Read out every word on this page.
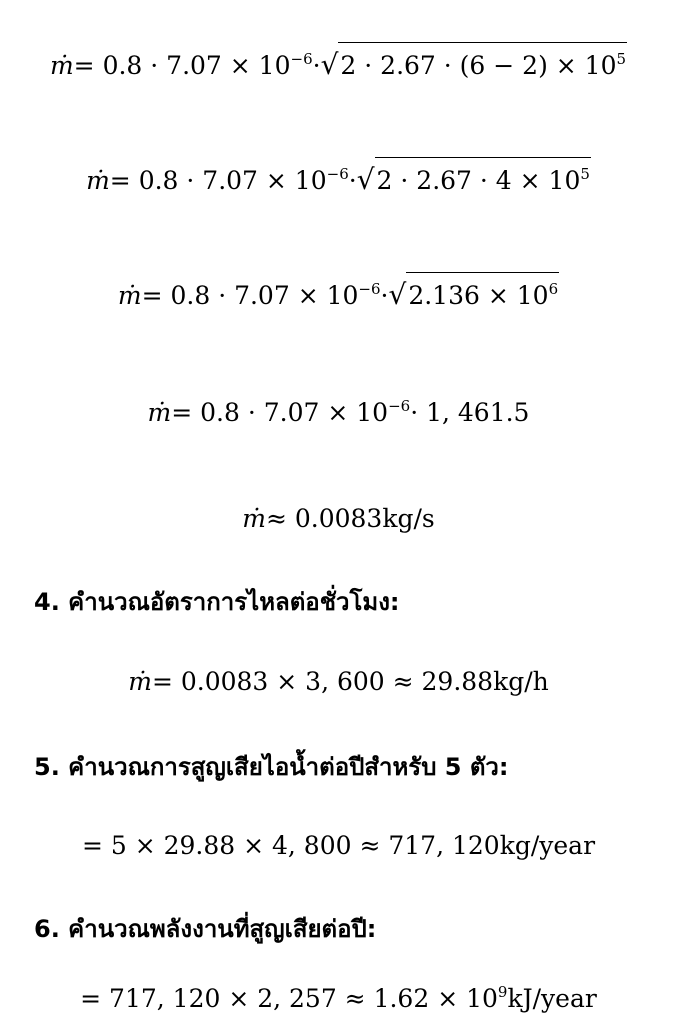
ṁ= $0.8 \cdot 7.07 \times 10^{-6}\cdot√2 \cdot 2.67 \cdot (6 - 2) \times 10^5$
ṁ= $0.8 \cdot 7.07 \times 10^{-6}\cdot√2 \cdot 2.67 \cdot 4 \times 10^5$
ṁ= $0.8 \cdot 7.07 \times 10^{-6}\cdot√2.136 \times 10^6$
ṁ= $0.8 \cdot 7.07 \times 10^{-6}\cdot 1$, 461.5
ṁ≈ 0.0083kg/s
4. คำนวณอัตราการไหลต่อชั่วโมง:
ṁ= 0.0083 × 3, 600 ≈ 29.88kg/h
5. คำนวณการสูญเสียไอน้ำต่อปีสำหรับ 5 ตัว:
= 5 × 29.88 × 4, 800 ≈ 717, 120kg/year
6. คำนวณพลังงานที่สูญเสียต่อปี:
= 717, 120 × 2, $257 \approx 1.62 \times 10^9kJ$/year
